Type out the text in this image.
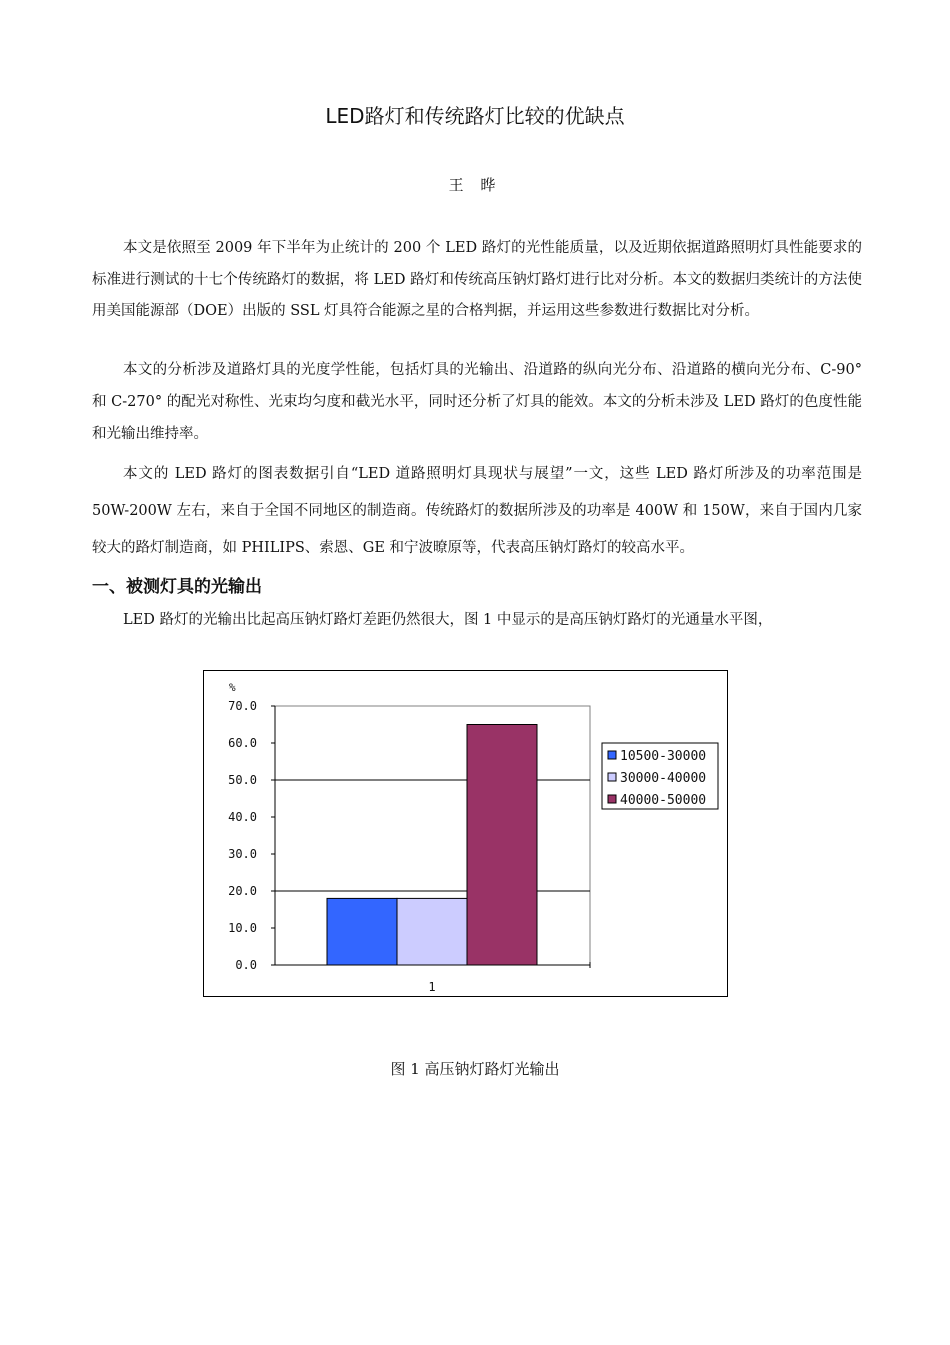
LED路灯和传统路灯比较的优缺点
王 晔

本文是依照至 2009 年下半年为止统计的 200 个 LED 路灯的光性能质量，以及近期依据道路照明灯具性能要求的标准进行测试的十七个传统路灯的数据，将 LED 路灯和传统高压钠灯路灯进行比对分析。本文的数据归类统计的方法使用美国能源部（DOE）出版的 SSL 灯具符合能源之星的合格判据，并运用这些参数进行数据比对分析。

本文的分析涉及道路灯具的光度学性能，包括灯具的光输出、沿道路的纵向光分布、沿道路的横向光分布、C-90° 和 C-270° 的配光对称性、光束均匀度和截光水平，同时还分析了灯具的能效。本文的分析未涉及 LED 路灯的色度性能和光输出维持率。

本文的 LED 路灯的图表数据引自“LED 道路照明灯具现状与展望”一文，这些 LED 路灯所涉及的功率范围是 50W-200W 左右，来自于全国不同地区的制造商。传统路灯的数据所涉及的功率是 400W 和 150W，来自于国内几家较大的路灯制造商，如 PHILIPS、索恩、GE 和宁波暸原等，代表高压钠灯路灯的较高水平。

一、被测灯具的光输出

LED 路灯的光输出比起高压钠灯路灯差距仍然很大，图 1 中显示的是高压钠灯路灯的光通量水平图，

0.0
10.0
20.0
30.0
40.0
50.0
60.0
70.0
%
1
10500-30000
30000-40000
40000-50000
图 1 高压钠灯路灯光输出
